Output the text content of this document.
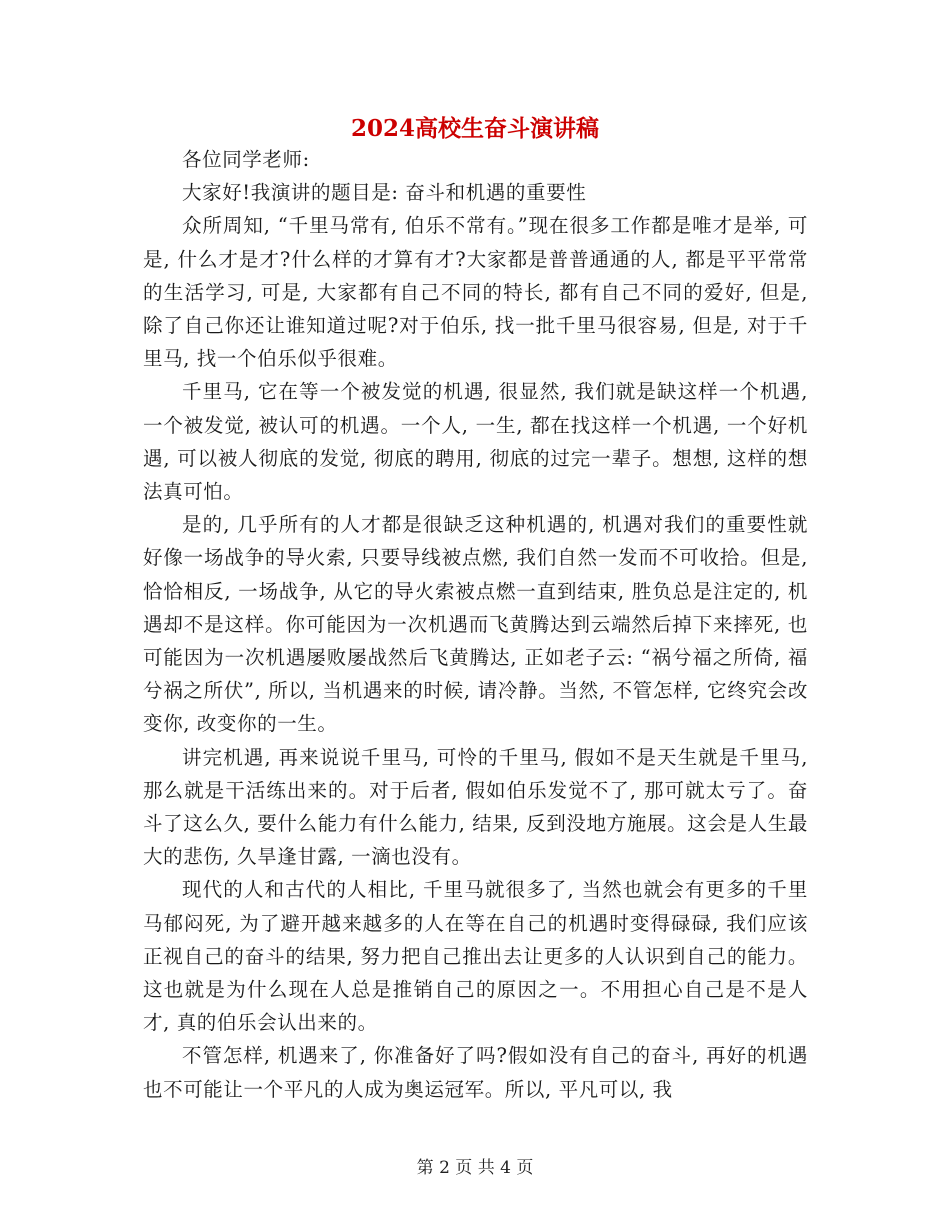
2024高校生奋斗演讲稿

各位同学老师:

大家好!我演讲的题目是: 奋斗和机遇的重要性

众所周知, “千里马常有, 伯乐不常有。”现在很多工作都是唯才是举, 可是, 什么才是才?什么样的才算有才?大家都是普普通通的人, 都是平平常常的生活学习, 可是, 大家都有自己不同的特长, 都有自己不同的爱好, 但是, 除了自己你还让谁知道过呢?对于伯乐, 找一批千里马很容易, 但是, 对于千里马, 找一个伯乐似乎很难。

千里马, 它在等一个被发觉的机遇, 很显然, 我们就是缺这样一个机遇, 一个被发觉, 被认可的机遇。一个人, 一生, 都在找这样一个机遇, 一个好机遇, 可以被人彻底的发觉, 彻底的聘用, 彻底的过完一辈子。想想, 这样的想法真可怕。

是的, 几乎所有的人才都是很缺乏这种机遇的, 机遇对我们的重要性就好像一场战争的导火索, 只要导线被点燃, 我们自然一发而不可收拾。但是, 恰恰相反, 一场战争, 从它的导火索被点燃一直到结束, 胜负总是注定的, 机遇却不是这样。你可能因为一次机遇而飞黄腾达到云端然后掉下来摔死, 也可能因为一次机遇屡败屡战然后飞黄腾达, 正如老子云: “祸兮福之所倚, 福兮祸之所伏”, 所以, 当机遇来的时候, 请冷静。当然, 不管怎样, 它终究会改变你, 改变你的一生。

讲完机遇, 再来说说千里马, 可怜的千里马, 假如不是天生就是千里马, 那么就是干活练出来的。对于后者, 假如伯乐发觉不了, 那可就太亏了。奋斗了这么久, 要什么能力有什么能力, 结果, 反到没地方施展。这会是人生最大的悲伤, 久旱逢甘露, 一滴也没有。

现代的人和古代的人相比, 千里马就很多了, 当然也就会有更多的千里马郁闷死, 为了避开越来越多的人在等在自己的机遇时变得碌碌, 我们应该正视自己的奋斗的结果, 努力把自己推出去让更多的人认识到自己的能力。这也就是为什么现在人总是推销自己的原因之一。不用担心自己是不是人才, 真的伯乐会认出来的。

不管怎样, 机遇来了, 你准备好了吗?假如没有自己的奋斗, 再好的机遇也不可能让一个平凡的人成为奥运冠军。所以, 平凡可以, 我

第 2 页 共 4 页
